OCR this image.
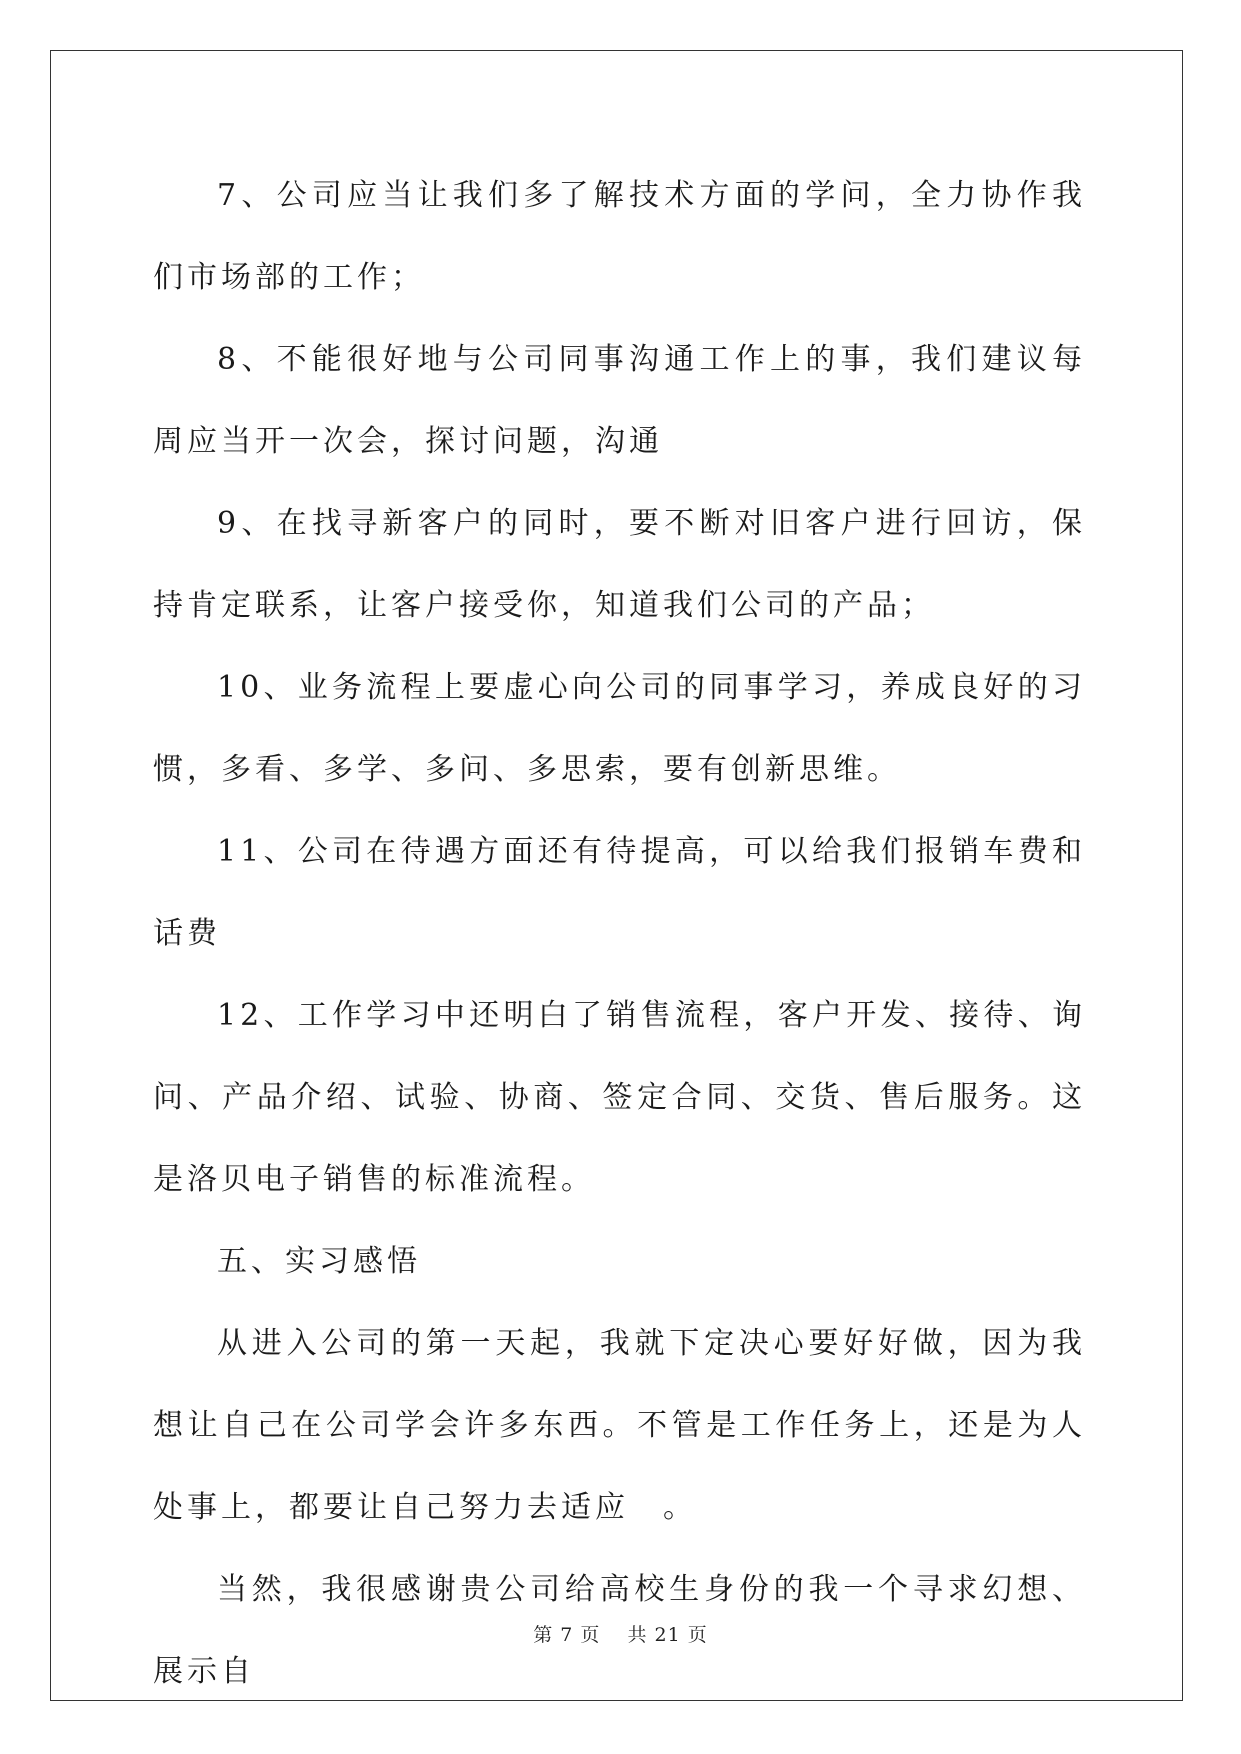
7、公司应当让我们多了解技术方面的学问，全力协作我们市场部的工作；

8、不能很好地与公司同事沟通工作上的事，我们建议每周应当开一次会，探讨问题，沟通

9、在找寻新客户的同时，要不断对旧客户进行回访，保持肯定联系，让客户接受你，知道我们公司的产品；

10、业务流程上要虚心向公司的同事学习，养成良好的习惯，多看、多学、多问、多思索，要有创新思维。

11、公司在待遇方面还有待提高，可以给我们报销车费和话费

12、工作学习中还明白了销售流程，客户开发、接待、询问、产品介绍、试验、协商、签定合同、交货、售后服务。这是洛贝电子销售的标准流程。

五、实习感悟

从进入公司的第一天起，我就下定决心要好好做，因为我想让自己在公司学会许多东西。不管是工作任务上，还是为人处事上，都要让自己努力去适应　。

当然，我很感谢贵公司给高校生身份的我一个寻求幻想、展示自

第 7 页　 共 21 页
